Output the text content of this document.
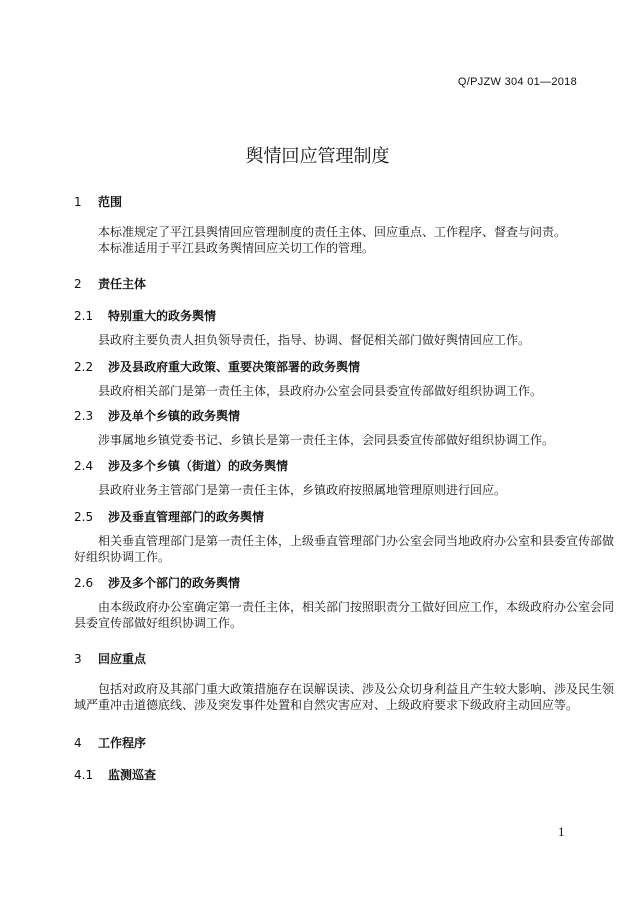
Q/PJZW 304 01—2018
舆情回应管理制度
1 范围
本标准规定了平江县舆情回应管理制度的责任主体、回应重点、工作程序、督查与问责。
本标准适用于平江县政务舆情回应关切工作的管理。
2 责任主体
2.1 特别重大的政务舆情
县政府主要负责人担负领导责任，指导、协调、督促相关部门做好舆情回应工作。
2.2 涉及县政府重大政策、重要决策部署的政务舆情
县政府相关部门是第一责任主体，县政府办公室会同县委宣传部做好组织协调工作。
2.3 涉及单个乡镇的政务舆情
涉事属地乡镇党委书记、乡镇长是第一责任主体，会同县委宣传部做好组织协调工作。
2.4 涉及多个乡镇（街道）的政务舆情
县政府业务主管部门是第一责任主体，乡镇政府按照属地管理原则进行回应。
2.5 涉及垂直管理部门的政务舆情
相关垂直管理部门是第一责任主体，上级垂直管理部门办公室会同当地政府办公室和县委宣传部做
好组织协调工作。
2.6 涉及多个部门的政务舆情
由本级政府办公室确定第一责任主体，相关部门按照职责分工做好回应工作，本级政府办公室会同
县委宣传部做好组织协调工作。
3 回应重点
包括对政府及其部门重大政策措施存在误解误读、涉及公众切身利益且产生较大影响、涉及民生领
域严重冲击道德底线、涉及突发事件处置和自然灾害应对、上级政府要求下级政府主动回应等。
4 工作程序
4.1 监测巡查
1
